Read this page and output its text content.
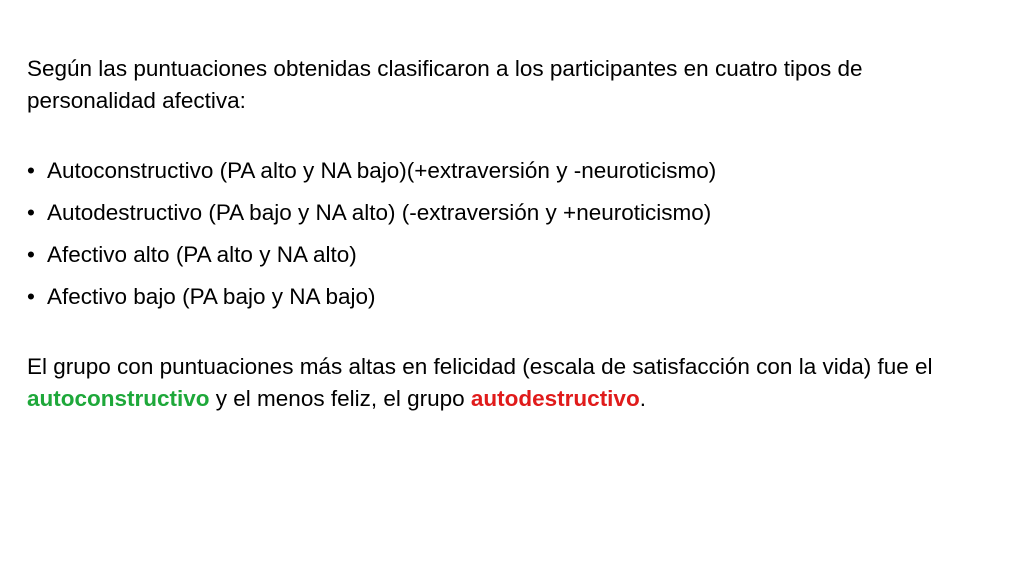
Según las puntuaciones obtenidas clasificaron a los participantes en cuatro tipos de personalidad afectiva:

• Autoconstructivo (PA alto y NA bajo)(+extraversión y -neuroticismo)
• Autodestructivo (PA bajo y NA alto) (-extraversión y +neuroticismo)
• Afectivo alto (PA alto y NA alto)
• Afectivo bajo (PA bajo y NA bajo)

El grupo con puntuaciones más altas en felicidad (escala de satisfacción con la vida) fue el autoconstructivo y el menos feliz, el grupo autodestructivo.
